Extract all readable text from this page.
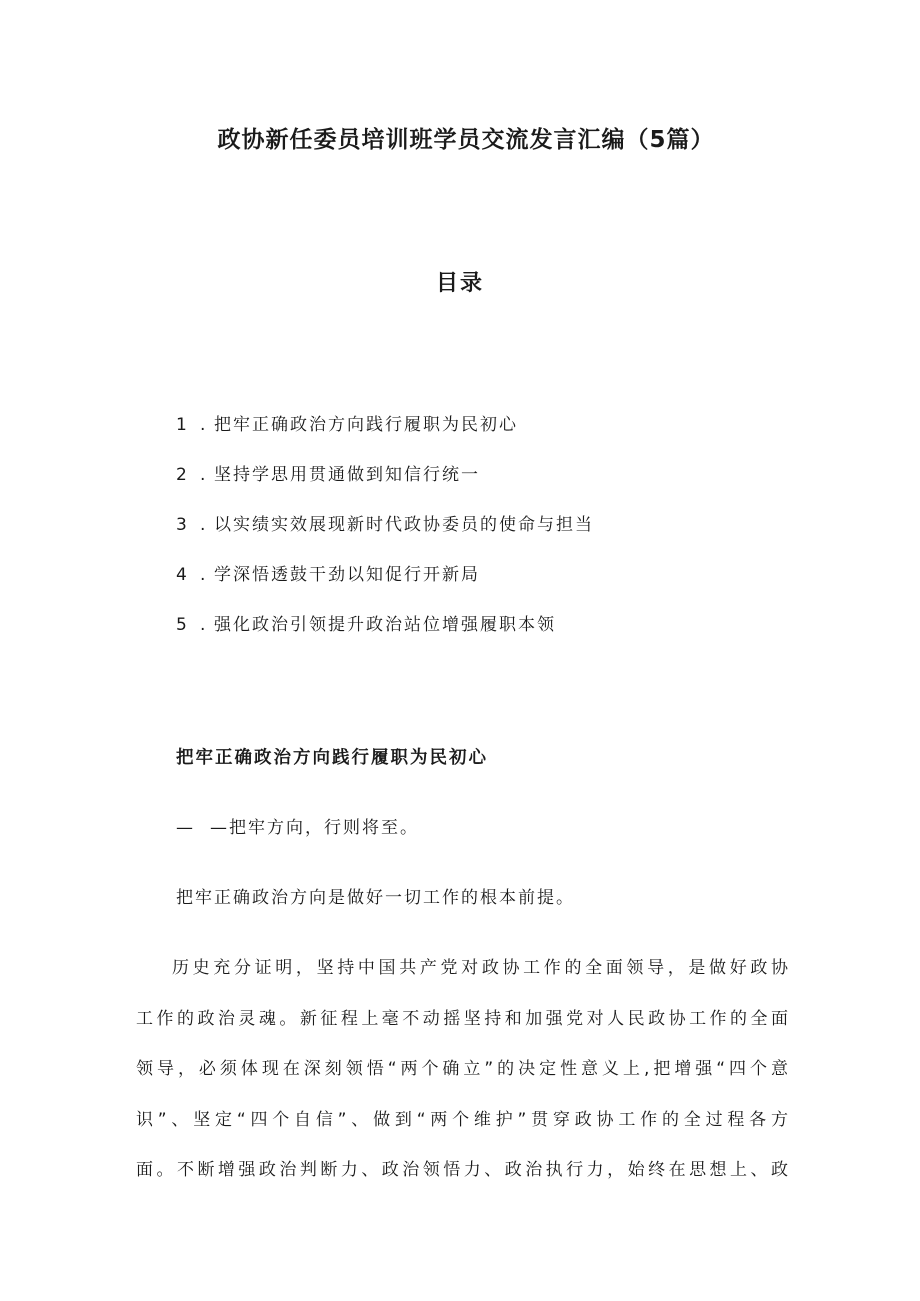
政协新任委员培训班学员交流发言汇编（5篇）
目录
1 . 把牢正确政治方向践行履职为民初心
2 . 坚持学思用贯通做到知信行统一
3 . 以实绩实效展现新时代政协委员的使命与担当
4 . 学深悟透鼓干劲以知促行开新局
5 . 强化政治引领提升政治站位增强履职本领
把牢正确政治方向践行履职为民初心

— —把牢方向，行则将至。

把牢正确政治方向是做好一切工作的根本前提。

历史充分证明，坚持中国共产党对政协工作的全面领导，是做好政协
工作的政治灵魂。新征程上毫不动摇坚持和加强党对人民政协工作的全面
领导，必须体现在深刻领悟“两个确立”的决定性意义上,把增强“四个意
识”、坚定“四个自信”、做到“两个维护”贯穿政协工作的全过程各方
面。不断增强政治判断力、政治领悟力、政治执行力，始终在思想上、政
